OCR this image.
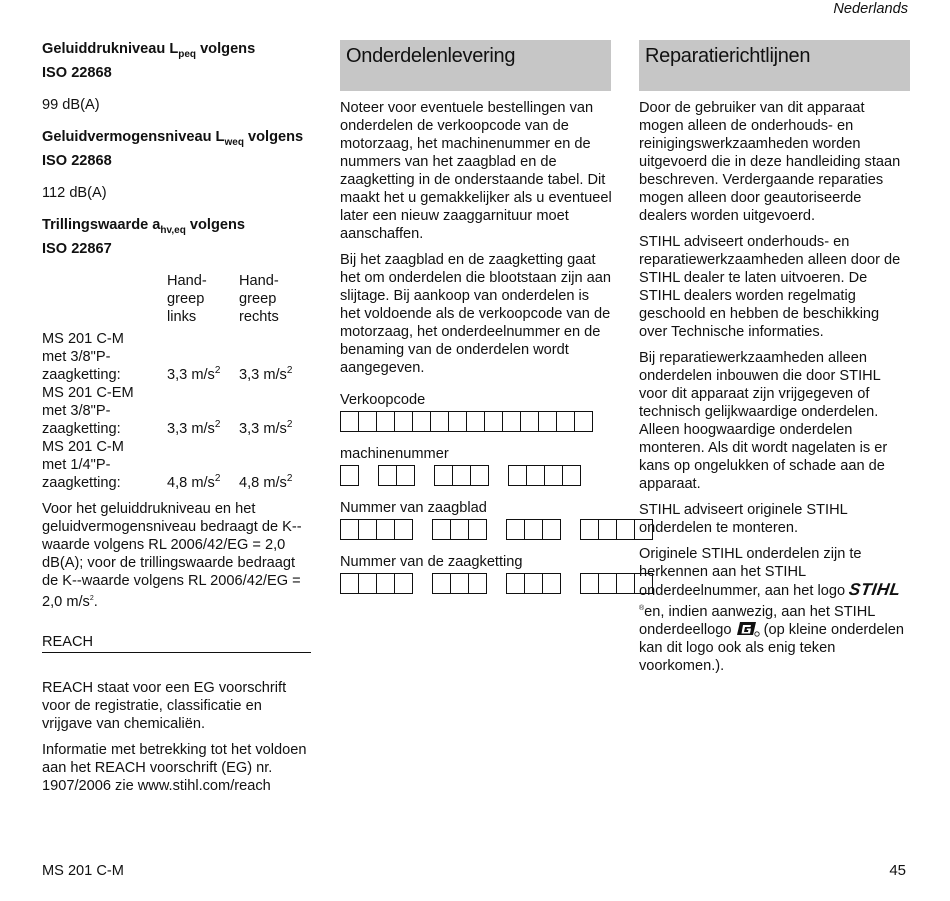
Nederlands

Geluiddrukniveau $L_{peq}$ volgens

ISO 22868

99 dB(A)

Geluidvermogensniveau $L_{weq}$ volgens

ISO 22868

112 dB(A)

Trillingswaarde $a_{hv,eq}$ volgens

ISO 22867

	Hand-
greep
links	Hand-
greep
rechts

MS 201 C-M
met 3/8"P-
zaagketting:	3,3 $m/s^2$	3,3 $m/s^2$
MS 201 C-EM
met 3/8"P-
zaagketting:	3,3 $m/s^2$	3,3 $m/s^2$
MS 201 C-M
met 1/4"P-
zaagketting:	4,8 $m/s^2$	4,8 $m/s^2$

Voor het geluiddrukniveau en het geluidvermogensniveau bedraagt de K-- waarde volgens RL 2006/42/EG = 2,0 dB(A); voor de trillingswaarde bedraagt de K--waarde volgens RL 2006/42/EG = 2,0 $m/s^2$.

REACH

REACH staat voor een EG voorschrift voor de registratie, classificatie en vrijgave van chemicaliën.

Informatie met betrekking tot het voldoen aan het REACH voorschrift (EG) nr. 1907/2006 zie www.stihl.com/reach

Onderdelenlevering

Noteer voor eventuele bestellingen van onderdelen de verkoopcode van de motorzaag, het machinenummer en de nummers van het zaagblad en de zaagketting in de onderstaande tabel. Dit maakt het u gemakkelijker als u eventueel later een nieuw zaaggarnituur moet aanschaffen.

Bij het zaagblad en de zaagketting gaat het om onderdelen die blootstaan zijn aan slijtage. Bij aankoop van onderdelen is het voldoende als de verkoopcode van de motorzaag, het onderdeelnummer en de benaming van de onderdelen wordt aangegeven.

Verkoopcode

machinenummer

Nummer van zaagblad

Nummer van de zaagketting

Reparatierichtlijnen

Door de gebruiker van dit apparaat mogen alleen de onderhouds- en reinigingswerkzaamheden worden uitgevoerd die in deze handleiding staan beschreven. Verdergaande reparaties mogen alleen door geautoriseerde dealers worden uitgevoerd.

STIHL adviseert onderhouds- en reparatiewerkzaamheden alleen door de STIHL dealer te laten uitvoeren. De STIHL dealers worden regelmatig geschoold en hebben de beschikking over Technische informaties.

Bij reparatiewerkzaamheden alleen onderdelen inbouwen die door STIHL voor dit apparaat zijn vrijgegeven of technisch gelijkwaardige onderdelen. Alleen hoogwaardige onderdelen monteren. Als dit wordt nagelaten is er kans op ongelukken of schade aan de apparaat.

STIHL adviseert originele STIHL onderdelen te monteren.

Originele STIHL onderdelen zijn te herkennen aan het STIHL onderdeelnummer, aan het logo STIHL®en, indien aanwezig, aan het STIHL onderdeellogo  (op kleine onderdelen kan dit logo ook als enig teken voorkomen.).

MS 201 C-M	45
